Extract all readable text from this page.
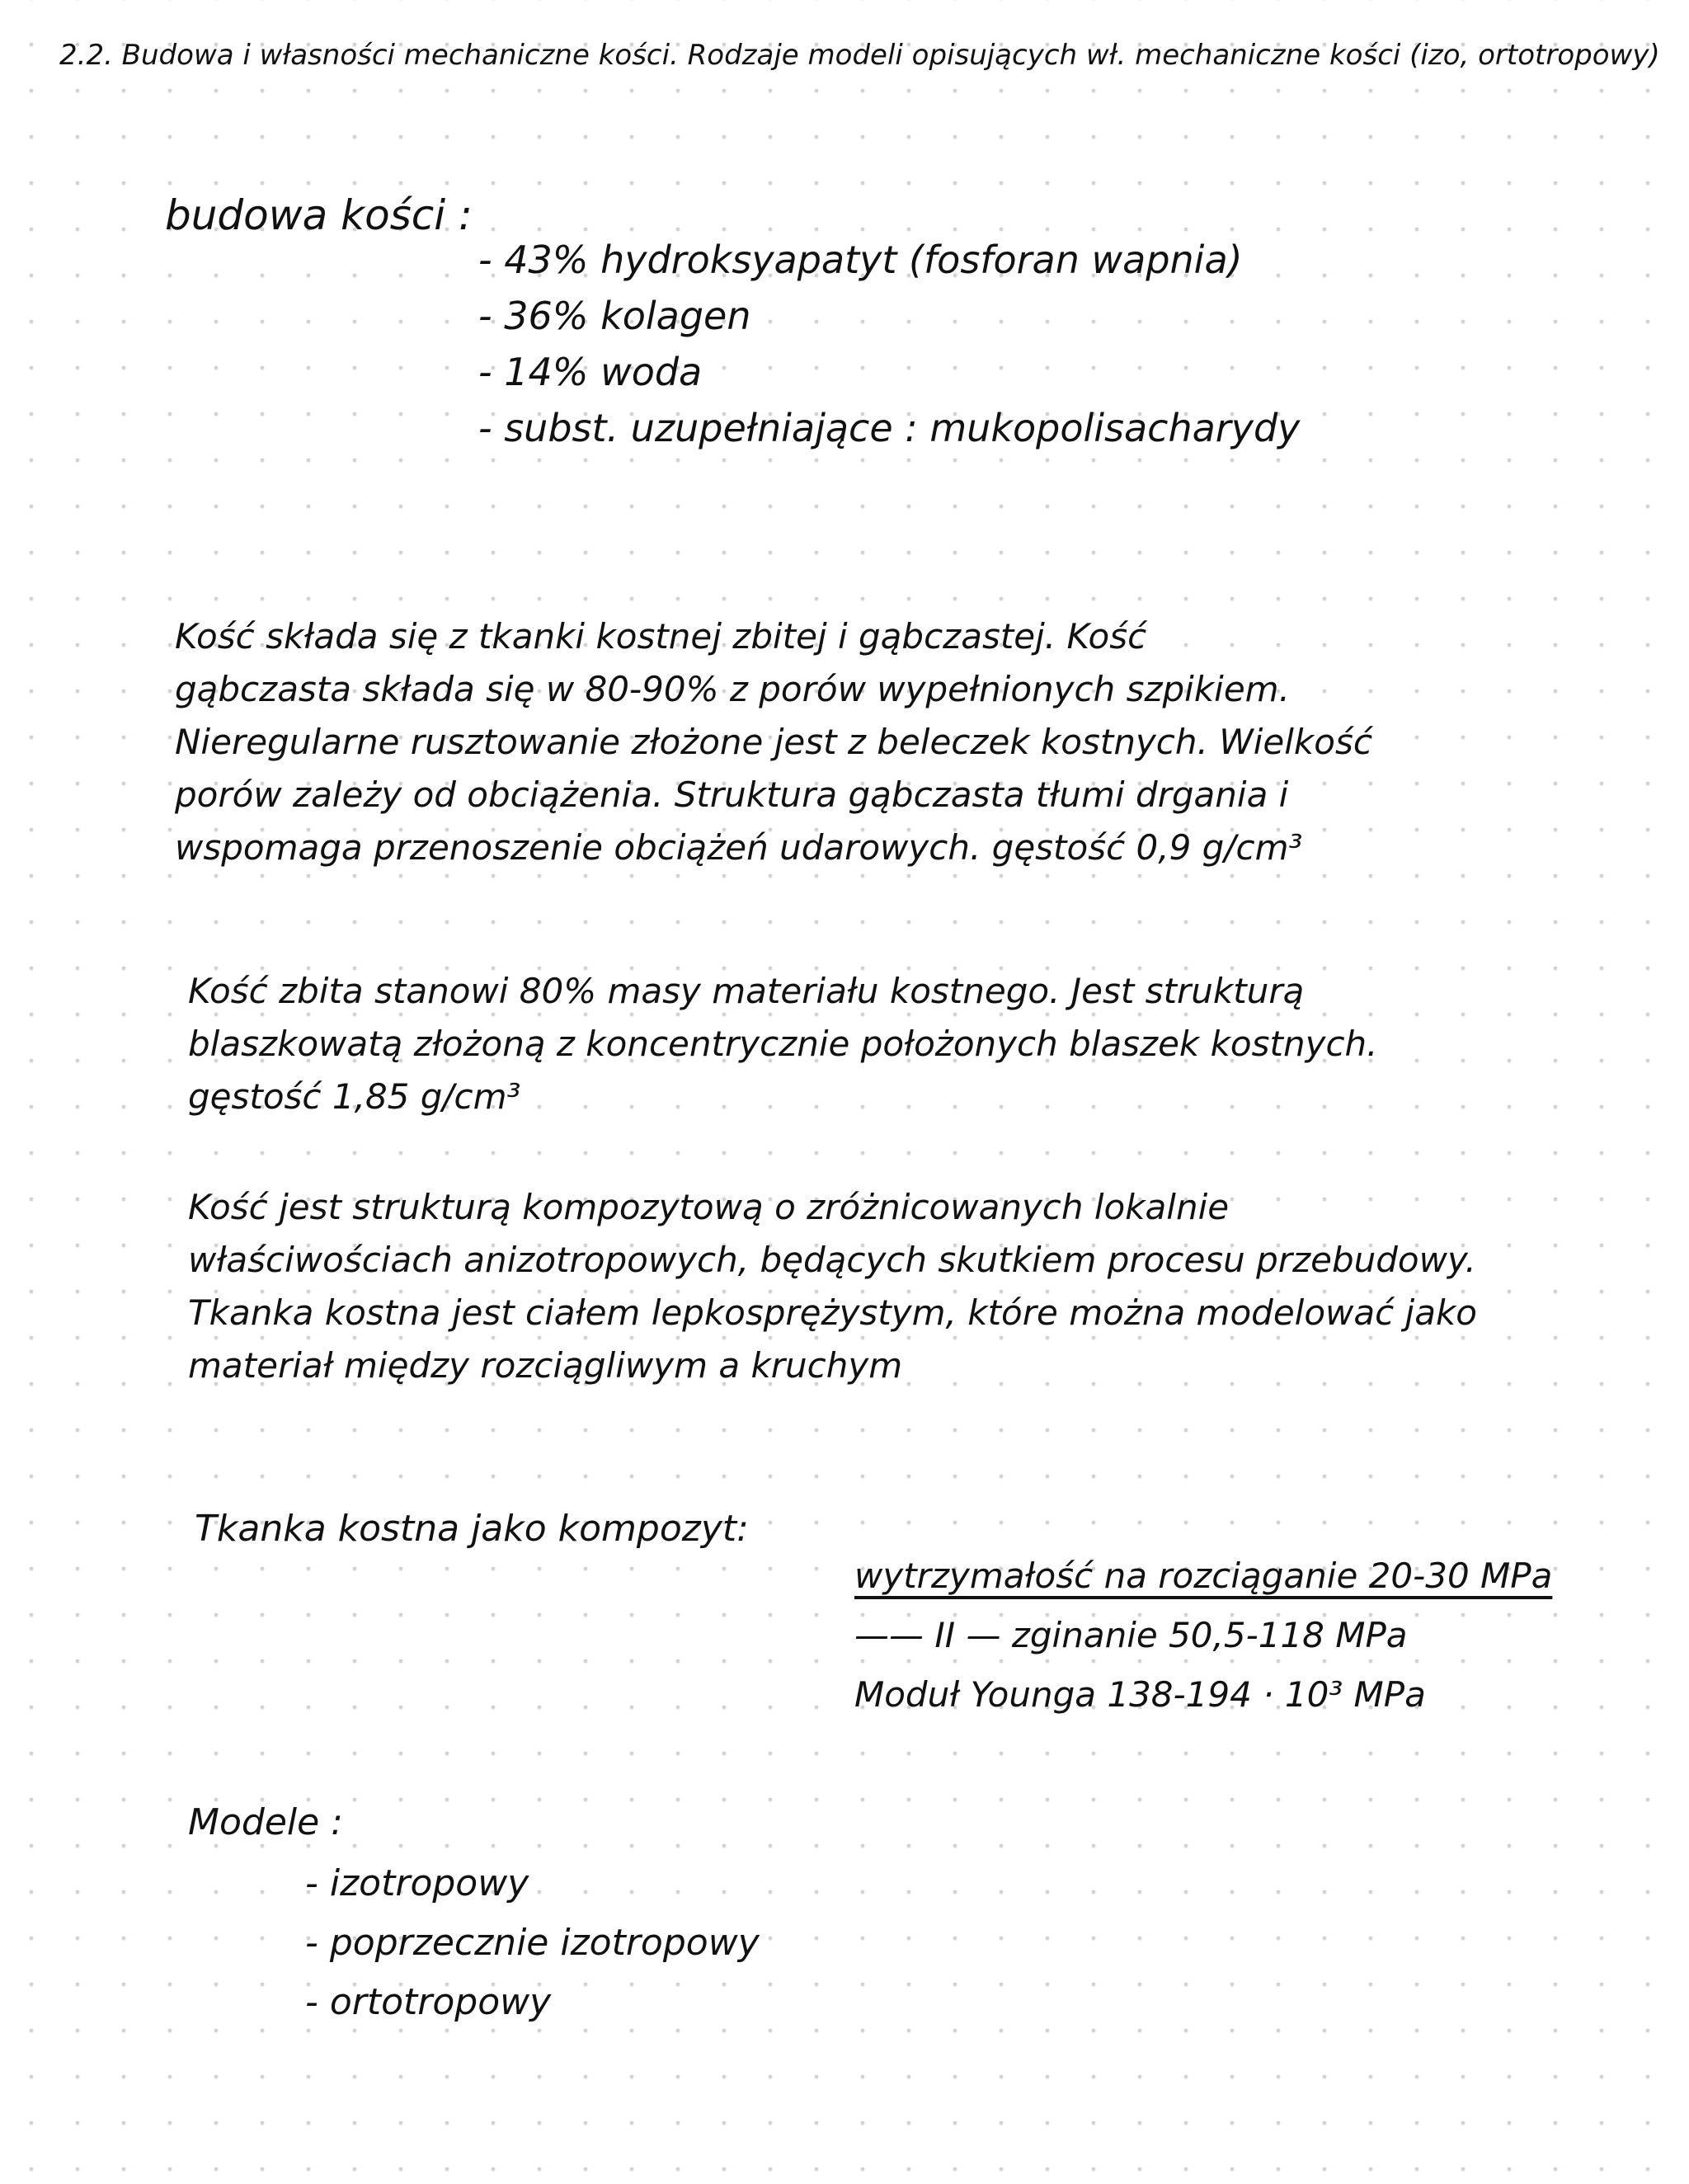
2.2. Budowa i własności mechaniczne kości. Rodzaje modeli opisujących wł. mechaniczne kości (izo, ortotropowy)

budowa kości :

- 43% hydroksyapatyt (fosforan wapnia)
- 36% kolagen
- 14% woda
- subst. uzupełniające : mukopolisacharydy
Kość składa się z tkanki kostnej zbitej i gąbczastej. Kość
gąbczasta składa się w 80-90% z porów wypełnionych szpikiem.
Nieregularne rusztowanie złożone jest z beleczek kostnych. Wielkość
porów zależy od obciążenia. Struktura gąbczasta tłumi drgania i
wspomaga przenoszenie obciążeń udarowych. gęstość 0,9 g/cm³
Kość zbita stanowi 80% masy materiału kostnego. Jest strukturą
blaszkowatą złożoną z koncentrycznie położonych blaszek kostnych.
gęstość 1,85 g/cm³
Kość jest strukturą kompozytową o zróżnicowanych lokalnie
właściwościach anizotropowych, będących skutkiem procesu przebudowy.
Tkanka kostna jest ciałem lepkosprężystym, które można modelować jako
materiał między rozciągliwym a kruchym

Tkanka kostna jako kompozyt:

wytrzymałość na rozciąganie 20-30 MPa
—— II — zginanie 50,5-118 MPa
Moduł Younga 138-194 · 10³ MPa

Modele :

- izotropowy
- poprzecznie izotropowy
- ortotropowy
